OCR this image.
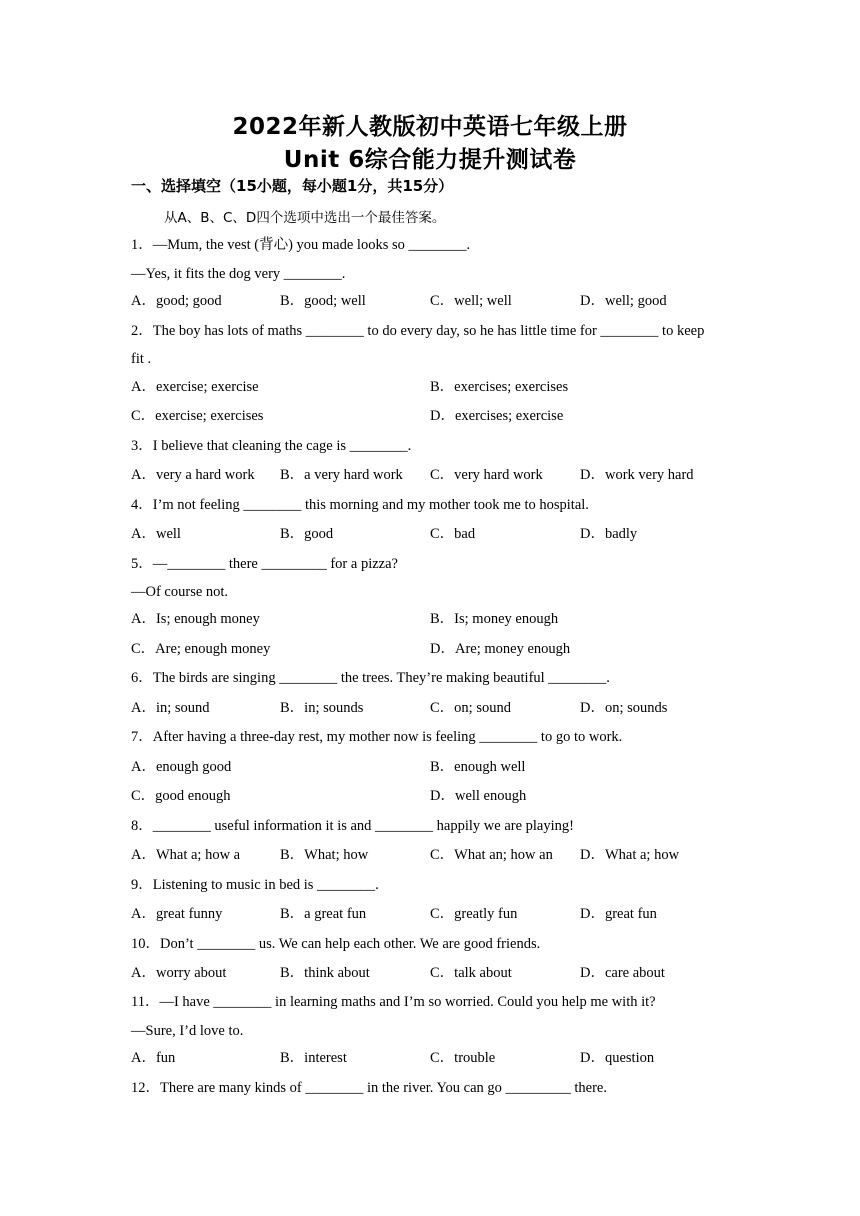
2022年新人教版初中英语七年级上册
Unit 6综合能力提升测试卷
一、选择填空（15小题，每小题1分，共15分）
从A、B、C、D四个选项中选出一个最佳答案。
1．—Mum, the vest (背心) you made looks so ________.
—Yes, it fits the dog very ________.
A．good; good	B．good; well	C．well; well	D．well; good
2．The boy has lots of maths ________ to do every day, so he has little time for ________ to keep
fit .
A．exercise; exercise	B．exercises; exercises
C．exercise; exercises	D．exercises; exercise
3．I believe that cleaning the cage is ________.
A．very a hard work B．a very hard work C．very hard work	D．work very hard
4．I’m not feeling ________ this morning and my mother took me to hospital.
A．well	B．good	C．bad	D．badly
5．—________ there _________ for a pizza?
—Of course not.
A．Is; enough money	B．Is; money enough
C．Are; enough money	D．Are; money enough
6．The birds are singing ________ the trees. They’re making beautiful ________.
A．in; sound	B．in; sounds	C．on; sound	D．on; sounds
7．After having a three-day rest, my mother now is feeling ________ to go to work.
A．enough good	B．enough well
C．good enough	D．well enough
8．________ useful information it is and ________ happily we are playing!
A．What a; how a	B．What; how	C．What an; how an D．What a; how
9．Listening to music in bed is ________.
A．great funny	B．a great fun	C．greatly fun	D．great fun
10．Don’t ________ us. We can help each other. We are good friends.
A．worry about	B．think about	C．talk about	D．care about
11．—I have ________ in learning maths and I’m so worried. Could you help me with it?
—Sure, I’d love to.
A．fun	B．interest	C．trouble	D．question
12．There are many kinds of ________ in the river. You can go _________ there.
